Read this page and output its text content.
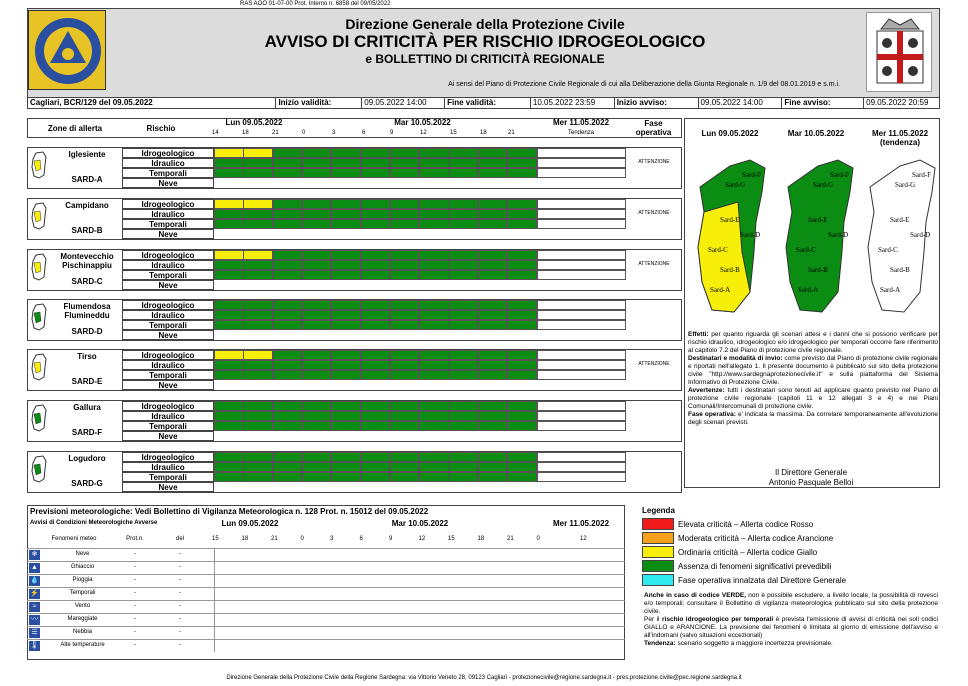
RAS AOO 01-07-00 Prot. Interno n. 6858 del 09/05/2022
Direzione Generale della Protezione Civile
AVVISO DI CRITICITÀ PER RISCHIO IDROGEOLOGICO
e BOLLETTINO DI CRITICITÀ REGIONALE
Ai sensi del Piano di Protezione Civile Regionale di cui alla Deliberazione della Giunta Regionale n. 1/9 del 08.01.2019 e s.m.i.
Cagliari, BCR/129 del 09.05.2022	Inizio validità:	09.05.2022 14:00	Fine validità:	10.05.2022 23:59	Inizio avviso:	09.05.2022 14:00	Fine avviso:	09.05.2022 20:59
Zone di allerta	Rischio
Lun 09.05.2022	Mar 10.05.2022	Mer 11.05.2022
Tendenza
Fase operativa
14	18	21	0	3	6	9	12	15	18	21
Iglesiente
SARD-A
Idrogeologico
Idraulico
Temporali
Neve
ATTENZIONE
Campidano
SARD-B
Idrogeologico
Idraulico
Temporali
Neve
ATTENZIONE
Montevecchio Pischinappiu
SARD-C
Idrogeologico
Idraulico
Temporali
Neve
ATTENZIONE
Flumendosa Flumineddu
SARD-D
Idrogeologico
Idraulico
Temporali
Neve
Tirso
SARD-E
Idrogeologico
Idraulico
Temporali
Neve
ATTENZIONE
Gallura
SARD-F
Idrogeologico
Idraulico
Temporali
Neve
Logudoro
SARD-G
Idrogeologico
Idraulico
Temporali
Neve
Lun 09.05.2022	Mar 10.05.2022	Mer 11.05.2022
(tendenza)
Sard-A
Sard-B
Sard-C
Sard-D
Sard-E
Sard-F
Sard-G
Sard-A
Sard-B
Sard-C
Sard-D
Sard-E
Sard-F
Sard-G
Sard-A
Sard-B
Sard-C
Sard-D
Sard-E
Sard-F
Sard-G
Effetti: per quanto riguarda gli scenari attesi e i danni che si possono verificare per rischio idraulico, idrogeologico e/o idrogeologico per temporali occorre fare riferimento al capitolo 7.2 del Piano di protezione civile regionale.
Destinatari e modalità di invio: come previsto dal Piano di protezione civile regionale e riportati nell'allegato 1. Il presente documento è pubblicato sul sito della protezione civile "http://www.sardegnaprotezionecivile.it" e sulla piattaforma del Sistema Informativo di Protezione Civile.
Avvertenze: tutti i destinatari sono tenuti ad applicare quanto previsto nel Piano di protezione civile regionale (capitoli 11 e 12 allegati 3 e 4) e nei Piani Comunali/Intercomunali di protezione civile.
Fase operativa: e' indicata la massima. Da correlare temporaneamente all'evoluzione degli scenari previsti.
Il Direttore Generale
Antonio Pasquale Belloi
Previsioni meteorologiche: Vedi Bollettino di Vigilanza Meteorologica n. 128 Prot. n. 15012 del 09.05.2022
Avvisi di Condizioni Meteorologiche Avverse	Lun 09.05.2022	Mar 10.05.2022	Mer 11.05.2022
Fenomeni meteo	Prot.n.	del	15	18	21	0	3	6	9	12	15	18	21	0	12
❄	Neve	-	-
▲	Ghiaccio	-	-
💧	Pioggia	-	-
⚡	Temporali	-	-
≈	Vento	-	-
〰	Mareggiate	-	-
☰	Nebbia	-	-
🌡	Alte temperature	-	-
Legenda
Elevata criticità – Allerta codice Rosso
Moderata criticità – Allerta codice Arancione
Ordinaria criticità – Allerta codice Giallo
Assenza di fenomeni significativi prevedibili
Fase operativa innalzata dal Direttore Generale
Anche in caso di codice VERDE, non è possibile escludere, a livello locale, la possibilità di rovesci e/o temporali: consultare il Bollettino di vigilanza meteorologica pubblicato sul sito della protezione civile.
Per il rischio idrogeologico per temporali è prevista l'emissione di avvisi di criticità nei soli codici GIALLO e ARANCIONE. La previsione dei fenomeni è limitata al giorno di emissione dell'avviso e all'indomani (salvo situazioni eccezionali)
Tendenza: scenario soggetto a maggiore incertezza previsionale.
Direzione Generale della Protezione Civile della Regione Sardegna: via Vittorio Veneto 28, 09123 Cagliari - protezionecivile@regione.sardegna.it - pres.protezione.civile@pec.regione.sardegna.it
